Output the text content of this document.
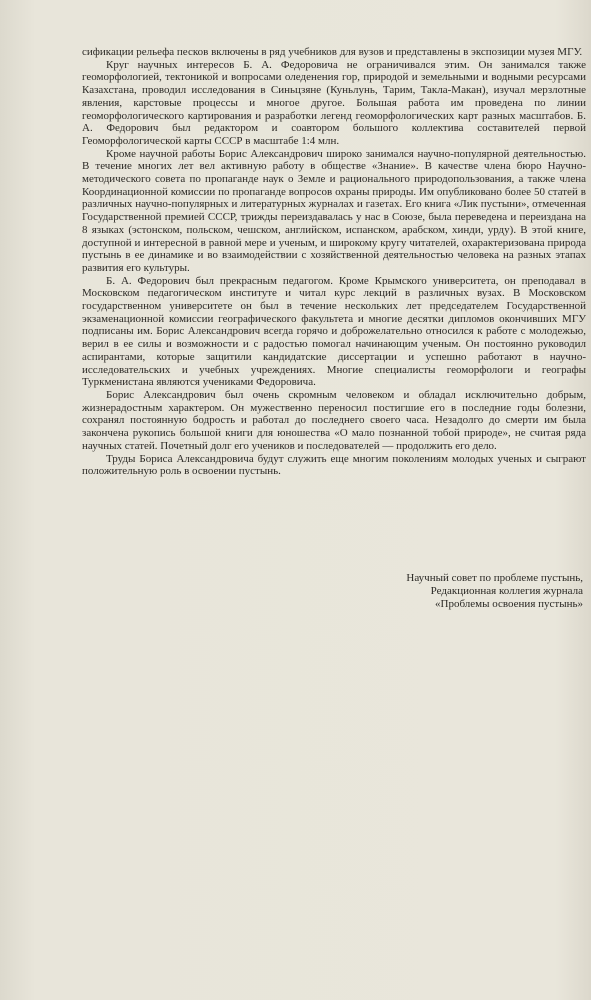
сификации рельефа песков включены в ряд учебников для вузов и представлены в экспозиции музея МГУ.

Круг научных интересов Б. А. Федоровича не ограничивался этим. Он занимался также геоморфологией, тектоникой и вопросами оледенения гор, природой и земельными и водными ресурсами Казахстана, проводил исследования в Синьцзяне (Куньлунь, Тарим, Такла-Макан), изучал мерзлотные явления, карстовые процессы и многое другое. Большая работа им проведена по линии геоморфологического картирования и разработки легенд геоморфологических карт разных масштабов. Б. А. Федорович был редактором и соавтором большого коллектива составителей первой Геоморфологической карты СССР в масштабе 1:4 млн.

Кроме научной работы Борис Александрович широко занимался научно-популярной деятельностью. В течение многих лет вел активную работу в обществе «Знание». В качестве члена бюро Научно-методического совета по пропаганде наук о Земле и рационального природопользования, а также члена Координационной комиссии по пропаганде вопросов охраны природы. Им опубликовано более 50 статей в различных научно-популярных и литературных журналах и газетах. Его книга «Лик пустыни», отмеченная Государственной премией СССР, трижды переиздавалась у нас в Союзе, была переведена и переиздана на 8 языках (эстонском, польском, чешском, английском, испанском, арабском, хинди, урду). В этой книге, доступной и интересной в равной мере и ученым, и широкому кругу читателей, охарактеризована природа пустынь в ее динамике и во взаимодействии с хозяйственной деятельностью человека на разных этапах развития его культуры.

Б. А. Федорович был прекрасным педагогом. Кроме Крымского университета, он преподавал в Московском педагогическом институте и читал курс лекций в различных вузах. В Московском государственном университете он был в течение нескольких лет председателем Государственной экзаменационной комиссии географического факультета и многие десятки дипломов окончивших МГУ подписаны им. Борис Александрович всегда горячо и доброжелательно относился к работе с молодежью, верил в ее силы и возможности и с радостью помогал начинающим ученым. Он постоянно руководил аспирантами, которые защитили кандидатские диссертации и успешно работают в научно-исследовательских и учебных учреждениях. Многие специалисты геоморфологи и географы Туркменистана являются учениками Федоровича.

Борис Александрович был очень скромным человеком и обладал исключительно добрым, жизнерадостным характером. Он мужественно переносил постигшие его в последние годы болезни, сохранял постоянную бодрость и работал до последнего своего часа. Незадолго до смерти им была закончена рукопись большой книги для юношества «О мало познанной тобой природе», не считая ряда научных статей. Почетный долг его учеников и последователей — продолжить его дело.

Труды Бориса Александровича будут служить еще многим поколениям молодых ученых и сыграют положительную роль в освоении пустынь.

Научный совет по проблеме пустынь,
Редакционная коллегия журнала
«Проблемы освоения пустынь»
